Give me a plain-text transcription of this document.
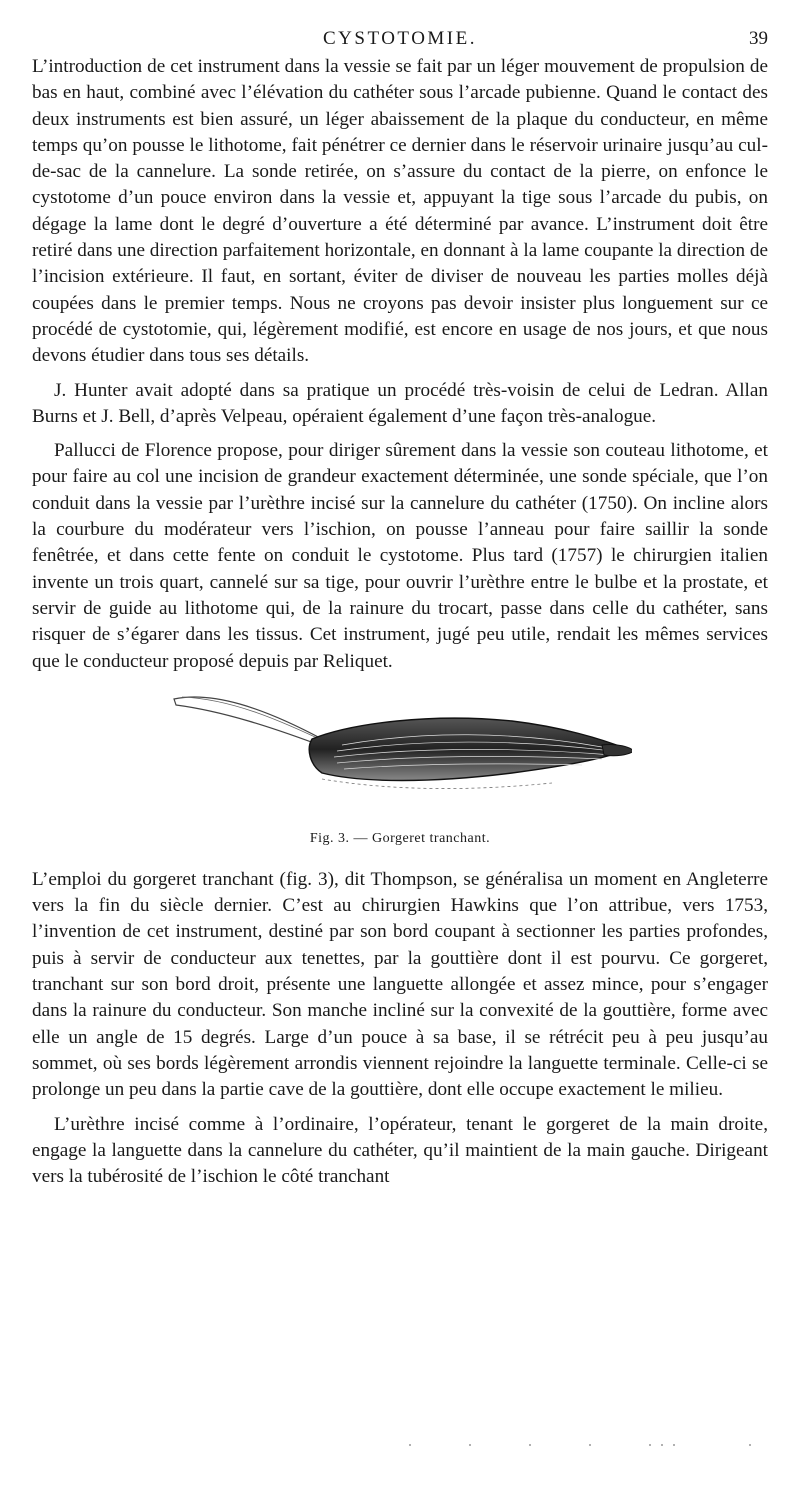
CYSTOTOMIE.	39

L’introduction de cet instrument dans la vessie se fait par un léger mouvement de propulsion de bas en haut, combiné avec l’élévation du cathéter sous l’arcade pubienne. Quand le contact des deux instruments est bien assuré, un léger abaissement de la plaque du conducteur, en même temps qu’on pousse le lithotome, fait pénétrer ce dernier dans le réservoir urinaire jusqu’au cul-de-sac de la cannelure. La sonde retirée, on s’assure du contact de la pierre, on enfonce le cystotome d’un pouce environ dans la vessie et, appuyant la tige sous l’arcade du pubis, on dégage la lame dont le degré d’ouverture a été déterminé par avance. L’instrument doit être retiré dans une direction parfaitement horizontale, en donnant à la lame coupante la direction de l’incision extérieure. Il faut, en sortant, éviter de diviser de nouveau les parties molles déjà coupées dans le premier temps. Nous ne croyons pas devoir insister plus longuement sur ce procédé de cystotomie, qui, légèrement modifié, est encore en usage de nos jours, et que nous devons étudier dans tous ses détails.

J. Hunter avait adopté dans sa pratique un procédé très-voisin de celui de Ledran. Allan Burns et J. Bell, d’après Velpeau, opéraient également d’une façon très-analogue.

Pallucci de Florence propose, pour diriger sûrement dans la vessie son couteau lithotome, et pour faire au col une incision de grandeur exactement déterminée, une sonde spéciale, que l’on conduit dans la vessie par l’urèthre incisé sur la cannelure du cathéter (1750). On incline alors la courbure du modérateur vers l’ischion, on pousse l’anneau pour faire saillir la sonde fenêtrée, et dans cette fente on conduit le cystotome. Plus tard (1757) le chirurgien italien invente un trois quart, cannelé sur sa tige, pour ouvrir l’urèthre entre le bulbe et la prostate, et servir de guide au lithotome qui, de la rainure du trocart, passe dans celle du cathéter, sans risquer de s’égarer dans les tissus. Cet instrument, jugé peu utile, rendait les mêmes services que le conducteur proposé depuis par Reliquet.

Fig. 3. — Gorgeret tranchant.

L’emploi du gorgeret tranchant (fig. 3), dit Thompson, se généralisa un moment en Angleterre vers la fin du siècle dernier. C’est au chirurgien Hawkins que l’on attribue, vers 1753, l’invention de cet instrument, destiné par son bord coupant à sectionner les parties profondes, puis à servir de conducteur aux tenettes, par la gouttière dont il est pourvu. Ce gorgeret, tranchant sur son bord droit, présente une languette allongée et assez mince, pour s’engager dans la rainure du conducteur. Son manche incliné sur la convexité de la gouttière, forme avec elle un angle de 15 degrés. Large d’un pouce à sa base, il se rétrécit peu à peu jusqu’au sommet, où ses bords légèrement arrondis viennent rejoindre la languette terminale. Celle-ci se prolonge un peu dans la partie cave de la gouttière, dont elle occupe exactement le milieu.

L’urèthre incisé comme à l’ordinaire, l’opérateur, tenant le gorgeret de la main droite, engage la languette dans la cannelure du cathéter, qu’il maintient de la main gauche. Dirigeant vers la tubérosité de l’ischion le côté tranchant
